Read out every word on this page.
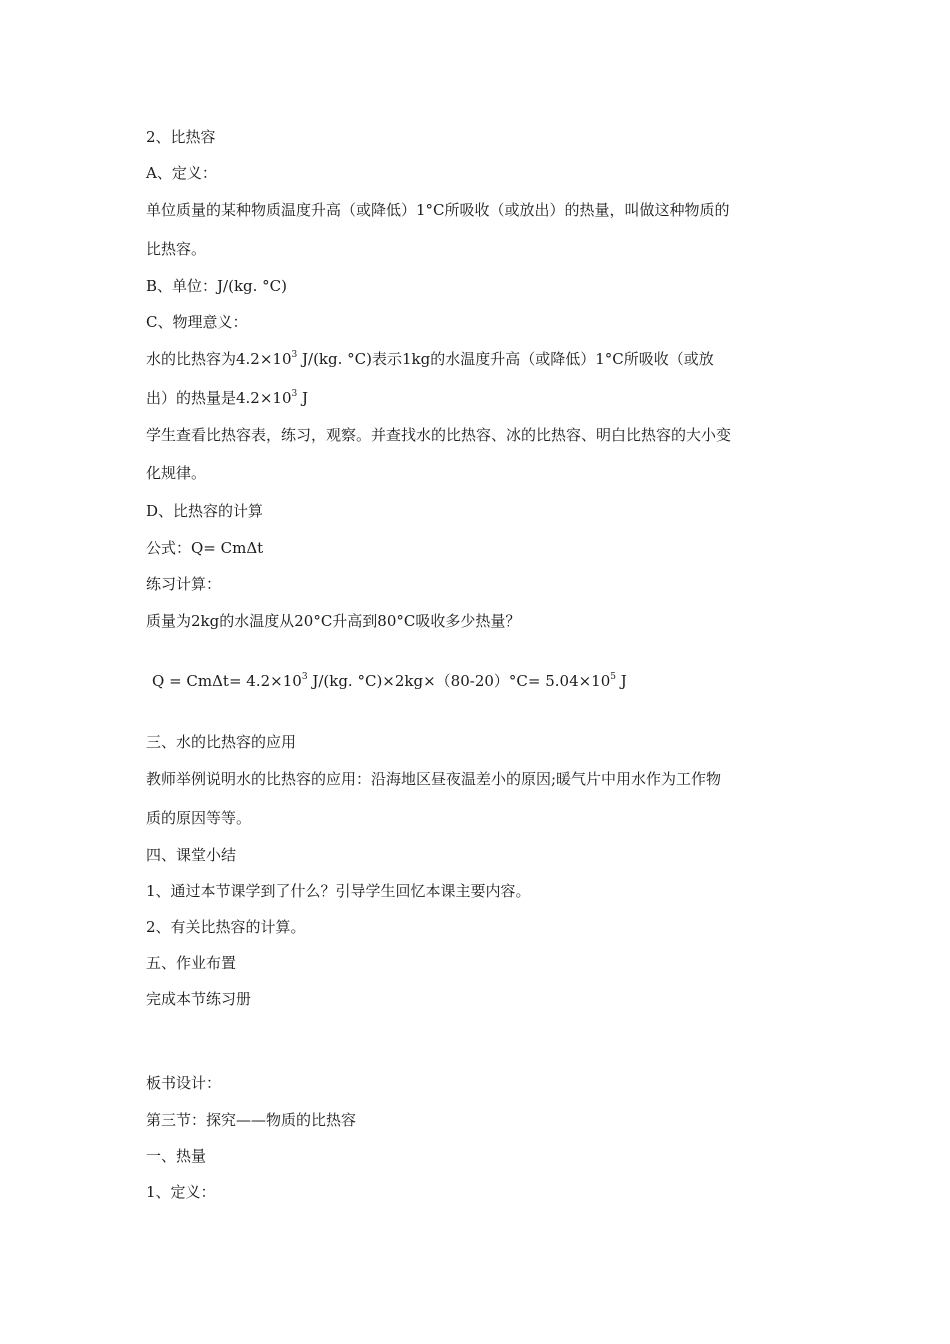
2、比热容
A、定义：
单位质量的某种物质温度升高（或降低）1°C所吸收（或放出）的热量，叫做这种物质的
比热容。
B、单位：J/(kg. °C)
C、物理意义：
水的比热容为$4.2\times 10^3$ J/(kg. °C)表示1kg的水温度升高（或降低）1°C所吸收（或放
出）的热量是$4.2\times 10^3$ J
学生查看比热容表，练习，观察。并查找水的比热容、冰的比热容、明白比热容的大小变
化规律。
D、比热容的计算
公式：Q= CmΔt
练习计算：
质量为2kg的水温度从20°C升高到80°C吸收多少热量？
$Q = Cm\Delta t= 4.2\times 10^3$ J/(kg. $^\circ C)\times 2kg\times(80-20)^\circ C= 5.04\times 10^5$ J
三、水的比热容的应用
教师举例说明水的比热容的应用：沿海地区昼夜温差小的原因;暖气片中用水作为工作物
质的原因等等。
四、课堂小结
1、通过本节课学到了什么？引导学生回忆本课主要内容。
2、有关比热容的计算。
五、作业布置
完成本节练习册
板书设计：
第三节：探究——物质的比热容
一、热量
1、定义：
